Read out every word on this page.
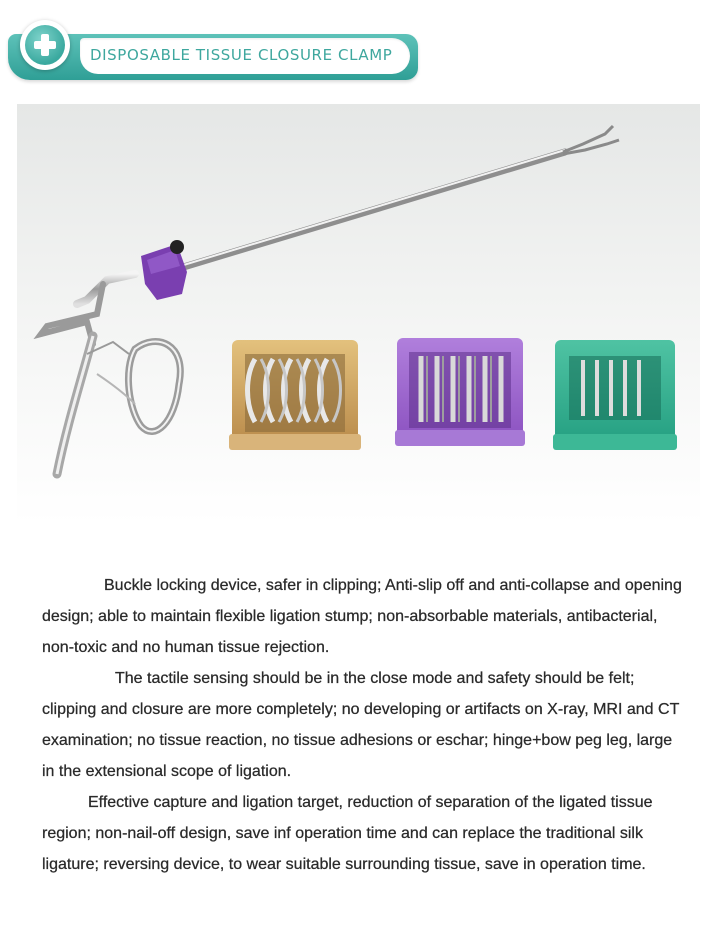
DISPOSABLE TISSUE CLOSURE CLAMP

Buckle locking device, safer in clipping; Anti-slip off and anti-collapse and opening design; able to maintain flexible ligation stump; non-absorbable materials, antibacterial, non-toxic and no human tissue rejection.

The tactile sensing should be in the close mode and safety should be felt; clipping and closure are more completely; no developing or artifacts on X-ray, MRI and CT examination; no tissue reaction, no tissue adhesions or eschar; hinge+bow peg leg, large in the extensional scope of ligation.

Effective capture and ligation target, reduction of separation of the ligated tissue region; non-nail-off design, save inf operation time and can replace the traditional silk ligature; reversing device, to wear suitable surrounding tissue, save in operation time.
